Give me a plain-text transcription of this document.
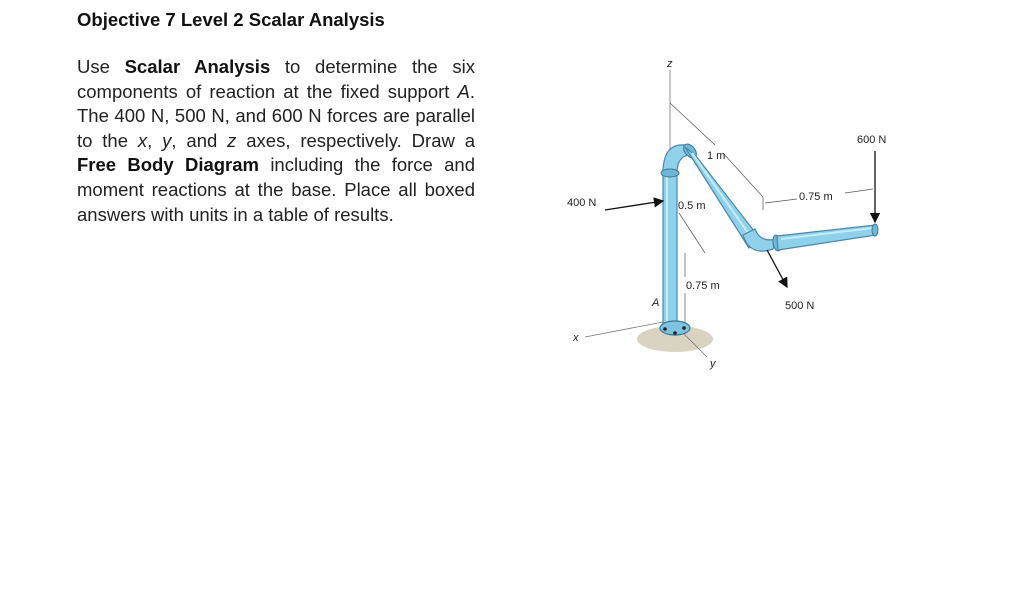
Objective 7 Level 2 Scalar Analysis
Use Scalar Analysis to determine the six components of reaction at the fixed support A. The 400 N, 500 N, and 600 N forces are parallel to the x, y, and z axes, respectively. Draw a Free Body Diagram including the force and moment reactions at the base. Place all boxed answers with units in a table of results.
z
x
y
A
1 m
0.5 m
0.75 m
0.75 m
400 N
500 N
600 N
